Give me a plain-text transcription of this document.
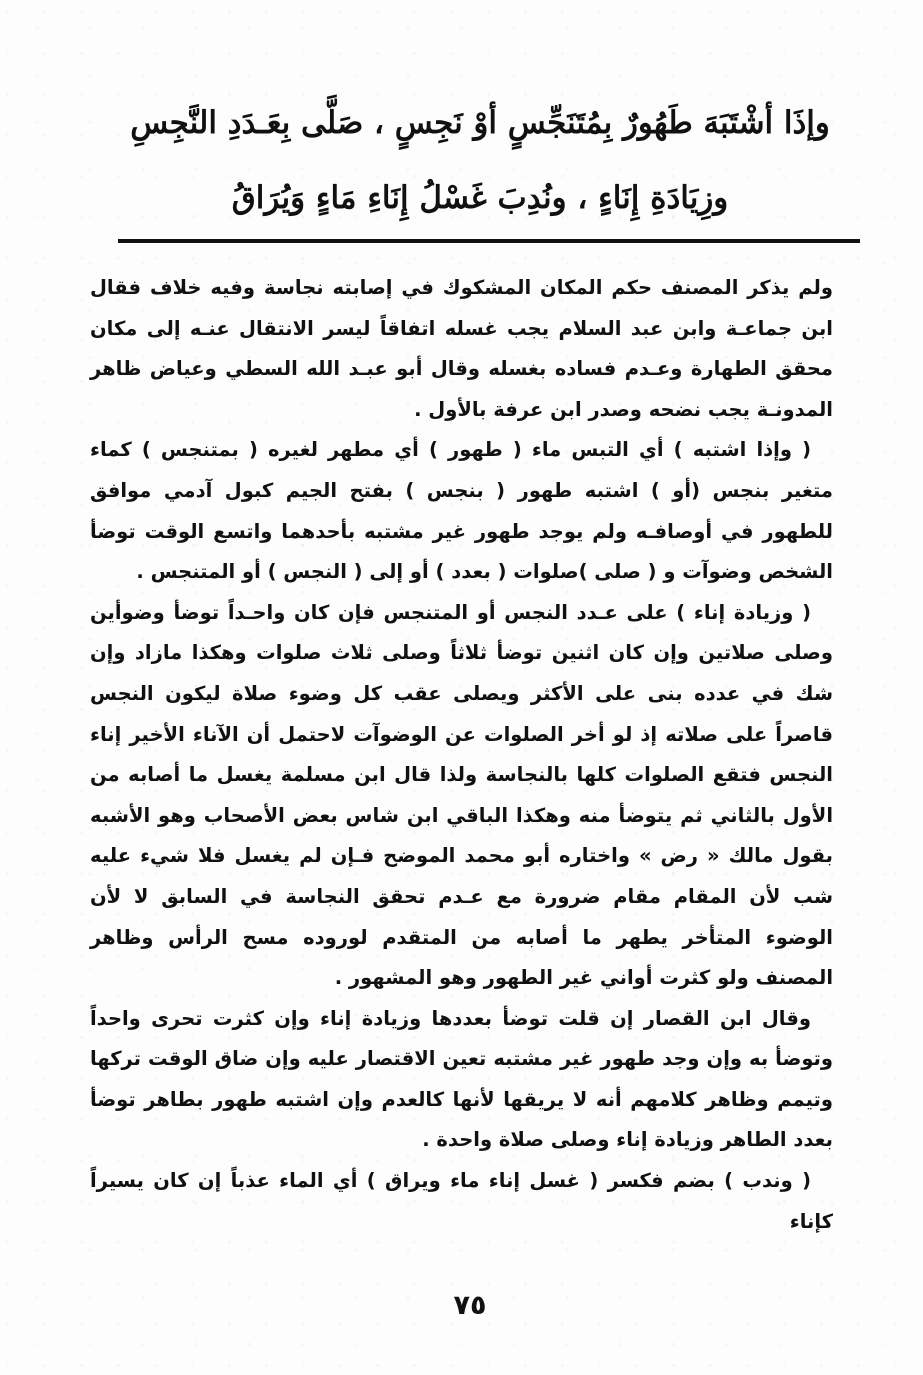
وإذَا أشْتَبَهَ طَهُورٌ بِمُتَنَجِّسٍ أوْ نَجِسٍ ، صَلَّى بِعَـدَدِ النَّجِسِ
وزِيَادَةِ إِنَاءٍ ، ونُدِبَ غَسْلُ إِنَاءِ مَاءٍ وَيُرَاقُ

ولم يذكر المصنف حكم المكان المشكوك في إصابته نجاسة وفيه خلاف فقال ابن جماعـة وابن عبد السلام يجب غسله اتفاقاً ليسر الانتقال عنـه إلى مكان محقق الطهارة وعـدم فساده بغسله وقال أبو عبـد الله السطي وعياض ظاهر المدونـة يجب نضحه وصدر ابن عرفة بالأول .

( وإذا اشتبه ) أي التبس ماء ( طهور ) أي مطهر لغيره ( بمتنجس ) كماء متغير بنجس (أو ) اشتبه طهور ( بنجس ) بفتح الجيم كبول آدمي موافق للطهور في أوصافـه ولم يوجد طهور غير مشتبه بأحدهما واتسع الوقت توضأ الشخص وضوآت و ( صلى )صلوات ( بعدد ) أو إلى ( النجس ) أو المتنجس .

( وزيادة إناء ) على عـدد النجس أو المتنجس فإن كان واحـداً توضأ وضوأين وصلى صلاتين وإن كان اثنين توضأ ثلاثاً وصلى ثلاث صلوات وهكذا مازاد وإن شك في عدده بنى على الأكثر ويصلى عقب كل وضوء صلاة ليكون النجس قاصراً على صلاته إذ لو أخر الصلوات عن الوضوآت لاحتمل أن الآناء الأخير إناء النجس فتقع الصلوات كلها بالنجاسة ولذا قال ابن مسلمة يغسل ما أصابه من الأول بالثاني ثم يتوضأ منه وهكذا الباقي ابن شاس بعض الأصحاب وهو الأشبه بقول مالك « رض » واختاره أبو محمد الموضح فـإن لم يغسل فلا شيء عليه شب لأن المقام مقام ضرورة مع عـدم تحقق النجاسة في السابق لا لأن الوضوء المتأخر يطهر ما أصابه من المتقدم لوروده مسح الرأس وظاهر المصنف ولو كثرت أواني غير الطهور وهو المشهور .

وقال ابن القصار إن قلت توضأ بعددها وزيادة إناء وإن كثرت تحرى واحداً وتوضأ به وإن وجد طهور غير مشتبه تعين الاقتصار عليه وإن ضاق الوقت تركها وتيمم وظاهر كلامهم أنه لا يريقها لأنها كالعدم وإن اشتبه طهور بطاهر توضأ بعدد الطاهر وزيادة إناء وصلى صلاة واحدة .

( وندب ) بضم فكسر ( غسل إناء ماء ويراق ) أي الماء عذباً إن كان يسيراً كإناء

٧٥
